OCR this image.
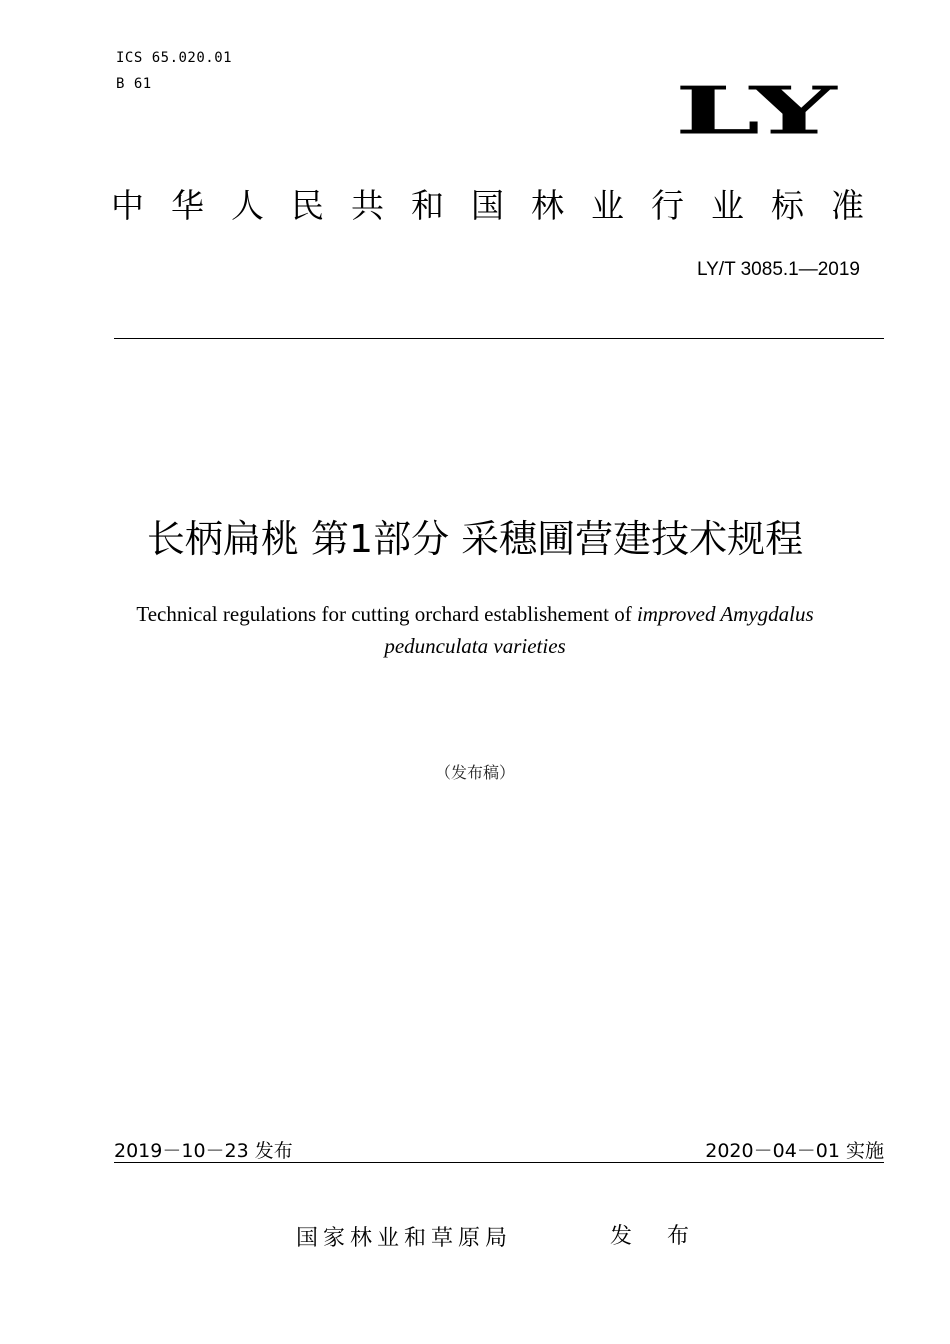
ICS 65.020.01
B 61	LY
中华人民共和国林业行业标准
LY/T 3085.1—2019
长柄扁桃 第1部分 采穗圃营建技术规程
Technical regulations for cutting orchard establishement of improved Amygdalus
pedunculata varieties
（发布稿）
2019－10－23 发布	2020－04－01 实施
国家林业和草原局	发 布
